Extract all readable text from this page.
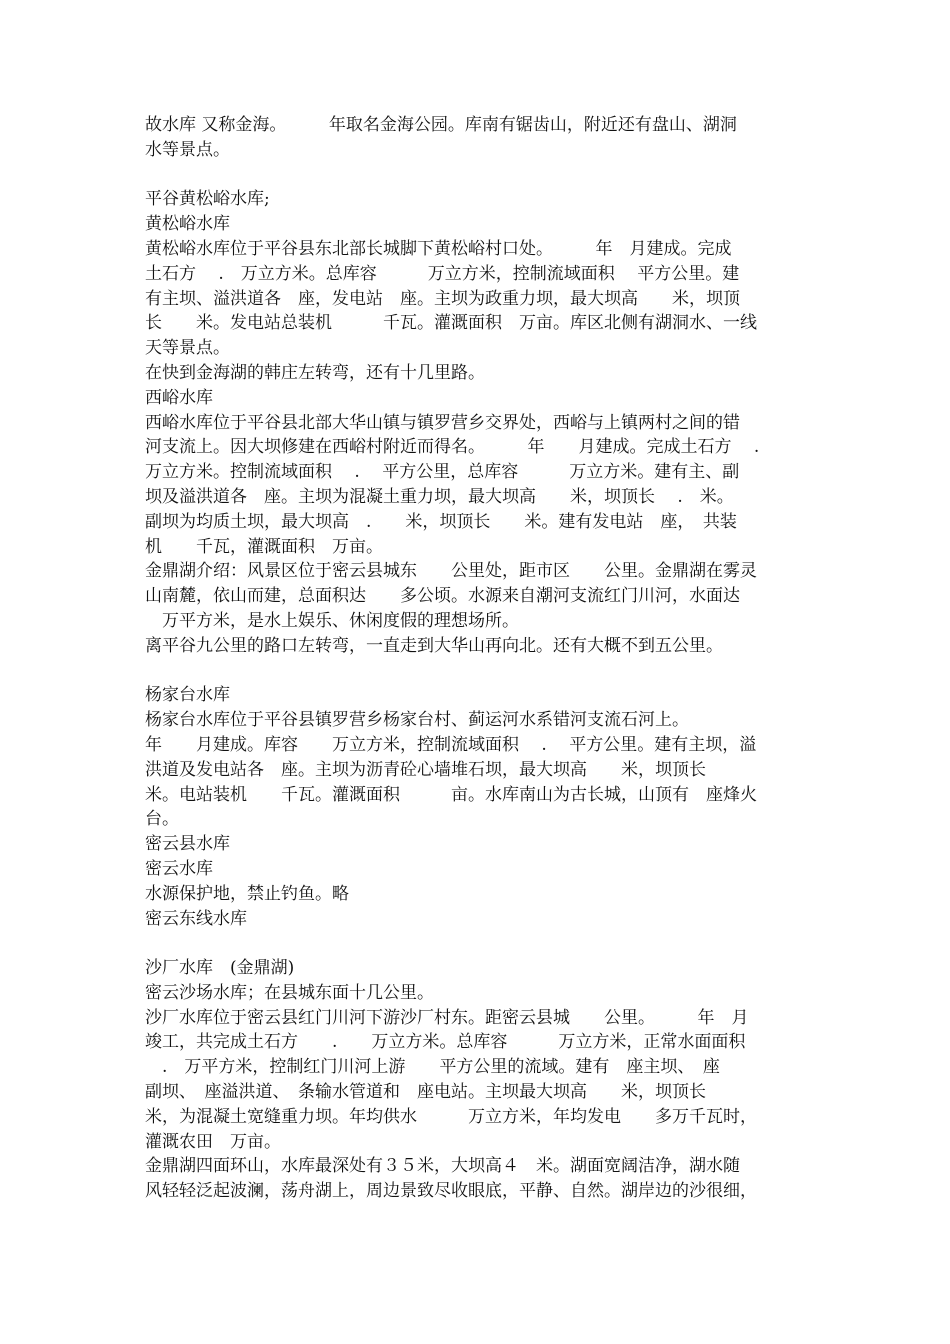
故水库 又称金海。　　　年取名金海公园。库南有锯齿山，附近还有盘山、湖洞
水等景点。
平谷黄松峪水库;
黄松峪水库
黄松峪水库位于平谷县东北部长城脚下黄松峪村口处。　　　年　月建成。完成
土石方　 .　万立方米。总库容　　　万立方米，控制流域面积　 平方公里。建
有主坝、溢洪道各　座，发电站　座。主坝为政重力坝，最大坝高　　米，坝顶
长　　米。发电站总装机　　　千瓦。灌溉面积　万亩。库区北侧有湖洞水、一线
天等景点。
在快到金海湖的韩庄左转弯，还有十几里路。
西峪水库
西峪水库位于平谷县北部大华山镇与镇罗营乡交界处，西峪与上镇两村之间的错
河支流上。因大坝修建在西峪村附近而得名。　　　年　　月建成。完成土石方　 .
万立方米。控制流域面积　 .　 平方公里，总库容　　　万立方米。建有主、副
坝及溢洪道各　座。主坝为混凝土重力坝，最大坝高　　米，坝顶长　 .　米。
副坝为均质土坝，最大坝高　.　　米，坝顶长　　米。建有发电站　座，　共装
机　　千瓦，灌溉面积　万亩。
金鼎湖介绍：风景区位于密云县城东　　公里处，距市区　　公里。金鼎湖在雾灵
山南麓，依山而建，总面积达　　多公顷。水源来自潮河支流红门川河，水面达
　万平方米，是水上娱乐、休闲度假的理想场所。
离平谷九公里的路口左转弯，一直走到大华山再向北。还有大概不到五公里。
杨家台水库
杨家台水库位于平谷县镇罗营乡杨家台村、蓟运河水系错河支流石河上。
年　　月建成。库容　　万立方米，控制流域面积　 .　 平方公里。建有主坝，溢
洪道及发电站各　座。主坝为沥青砼心墙堆石坝，最大坝高　　米，坝顶长
米。电站装机　　千瓦。灌溉面积　　　亩。水库南山为古长城，山顶有　座烽火
台。
密云县水库
密云水库
水源保护地，禁止钓鱼。略
密云东线水库
沙厂水库　(金鼎湖)
密云沙场水库；在县城东面十几公里。
沙厂水库位于密云县红门川河下游沙厂村东。距密云县城　　公里。　　　年　月
竣工，共完成土石方　　.　　万立方米。总库容　　　万立方米，正常水面面积
　.　万平方米，控制红门川河上游　　平方公里的流域。建有　座主坝、　座
副坝、　座溢洪道、　条输水管道和　座电站。主坝最大坝高　　米，坝顶长
米，为混凝土宽缝重力坝。年均供水　　　万立方米，年均发电　　多万千瓦时，
灌溉农田　万亩。
金鼎湖四面环山，水库最深处有３５米，大坝高４　米。湖面宽阔洁净，湖水随
风轻轻泛起波澜，荡舟湖上，周边景致尽收眼底，平静、自然。湖岸边的沙很细，
